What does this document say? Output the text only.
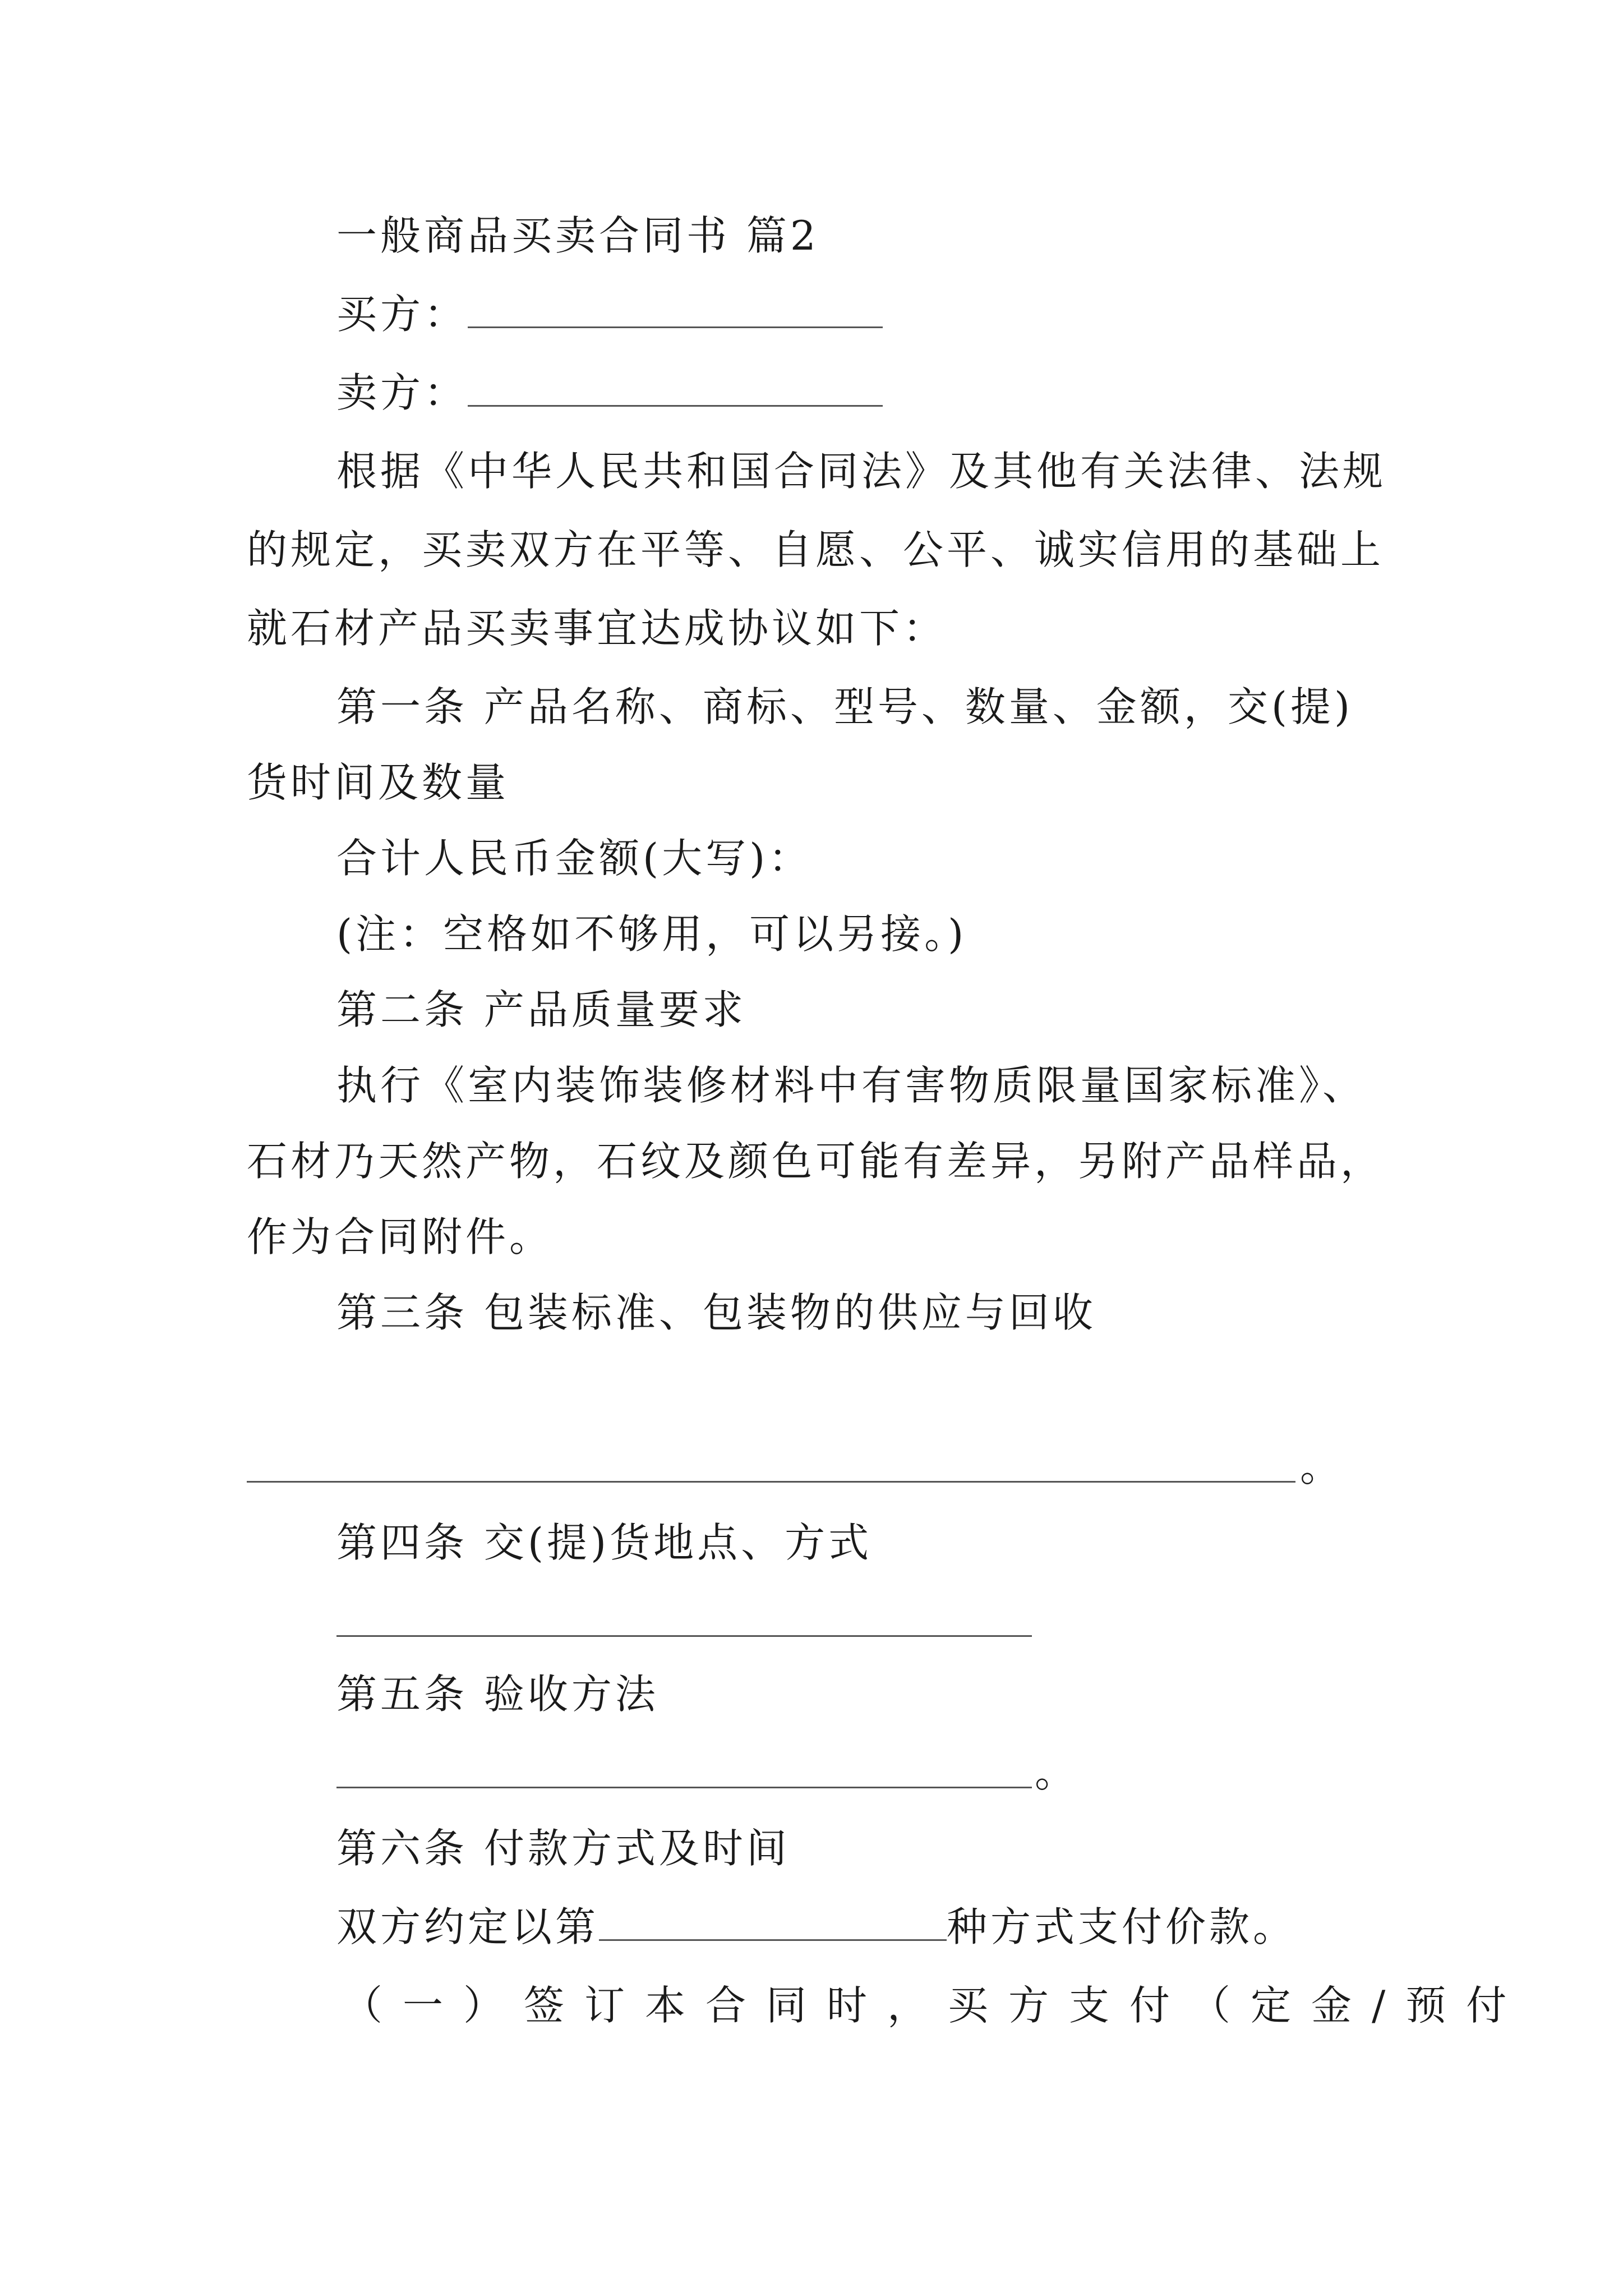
一般商品买卖合同书 篇2
买方：
卖方：
根据《中华人民共和国合同法》及其他有关法律、法规
的规定，买卖双方在平等、自愿、公平、诚实信用的基础上
就石材产品买卖事宜达成协议如下：
第一条 产品名称、商标、型号、数量、金额，交(提)
货时间及数量
合计人民币金额(大写)：
(注：空格如不够用，可以另接。)
第二条 产品质量要求
执行《室内装饰装修材料中有害物质限量国家标准》、
石材乃天然产物，石纹及颜色可能有差异，另附产品样品，
作为合同附件。
第三条 包装标准、包装物的供应与回收
。
第四条 交(提)货地点、方式
第五条 验收方法
。
第六条 付款方式及时间
双方约定以第	种方式支付价款。
（一）签订本合同时，买方支付（定金/预付
